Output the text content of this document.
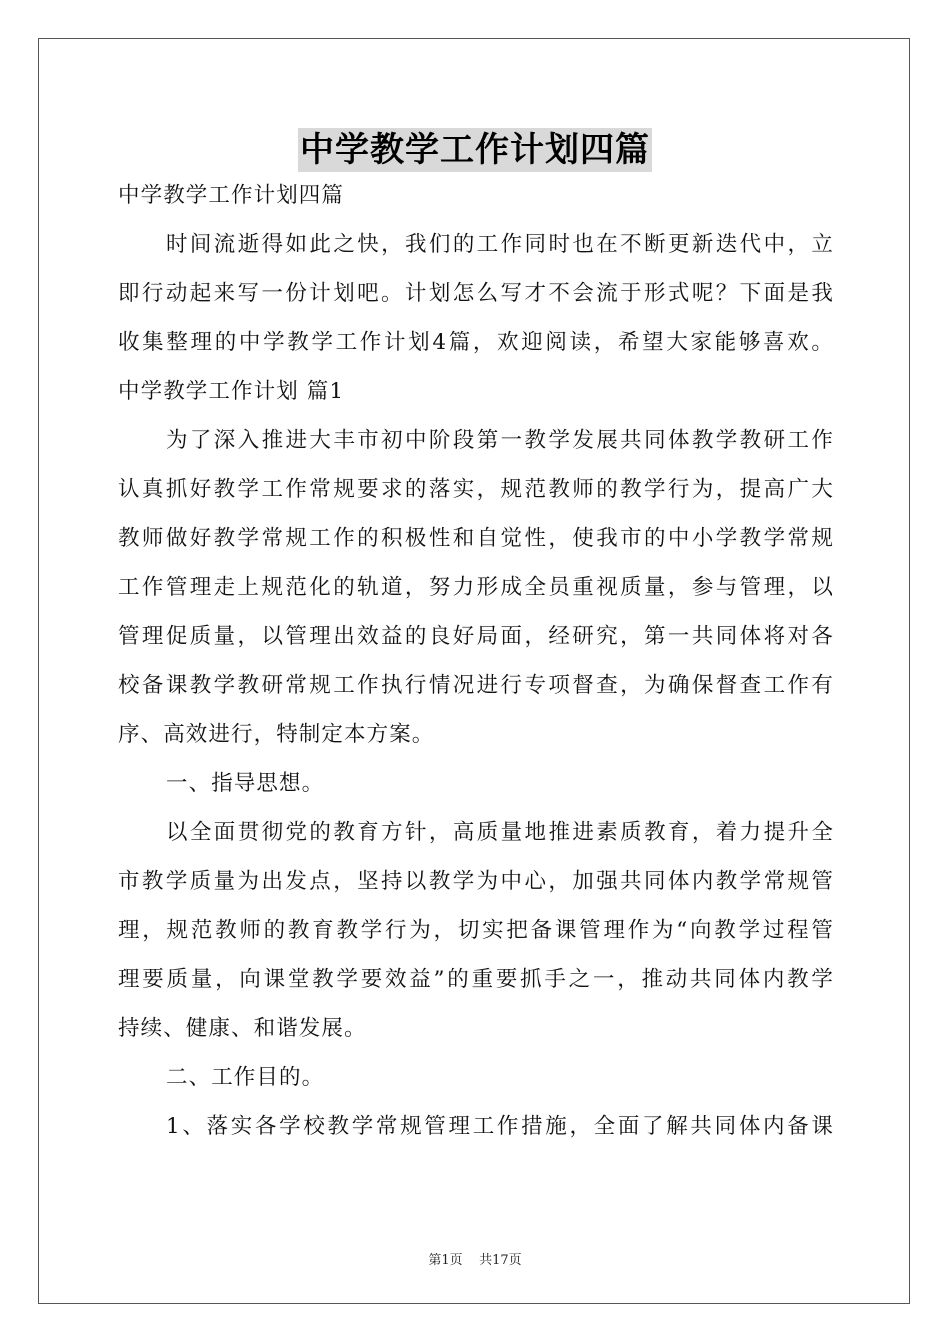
中学教学工作计划四篇
中学教学工作计划四篇
时间流逝得如此之快，我们的工作同时也在不断更新迭代中，立
即行动起来写一份计划吧。计划怎么写才不会流于形式呢？下面是我
收集整理的中学教学工作计划4篇，欢迎阅读，希望大家能够喜欢。
中学教学工作计划 篇1
为了深入推进大丰市初中阶段第一教学发展共同体教学教研工作
认真抓好教学工作常规要求的落实，规范教师的教学行为，提高广大
教师做好教学常规工作的积极性和自觉性，使我市的中小学教学常规
工作管理走上规范化的轨道，努力形成全员重视质量，参与管理，以
管理促质量，以管理出效益的良好局面，经研究，第一共同体将对各
校备课教学教研常规工作执行情况进行专项督查，为确保督查工作有
序、高效进行，特制定本方案。
一、指导思想。
以全面贯彻党的教育方针，高质量地推进素质教育，着力提升全
市教学质量为出发点，坚持以教学为中心，加强共同体内教学常规管
理，规范教师的教育教学行为，切实把备课管理作为“向教学过程管
理要质量，向课堂教学要效益”的重要抓手之一，推动共同体内教学
持续、健康、和谐发展。
二、工作目的。
1、落实各学校教学常规管理工作措施，全面了解共同体内备课
第1页    共17页
